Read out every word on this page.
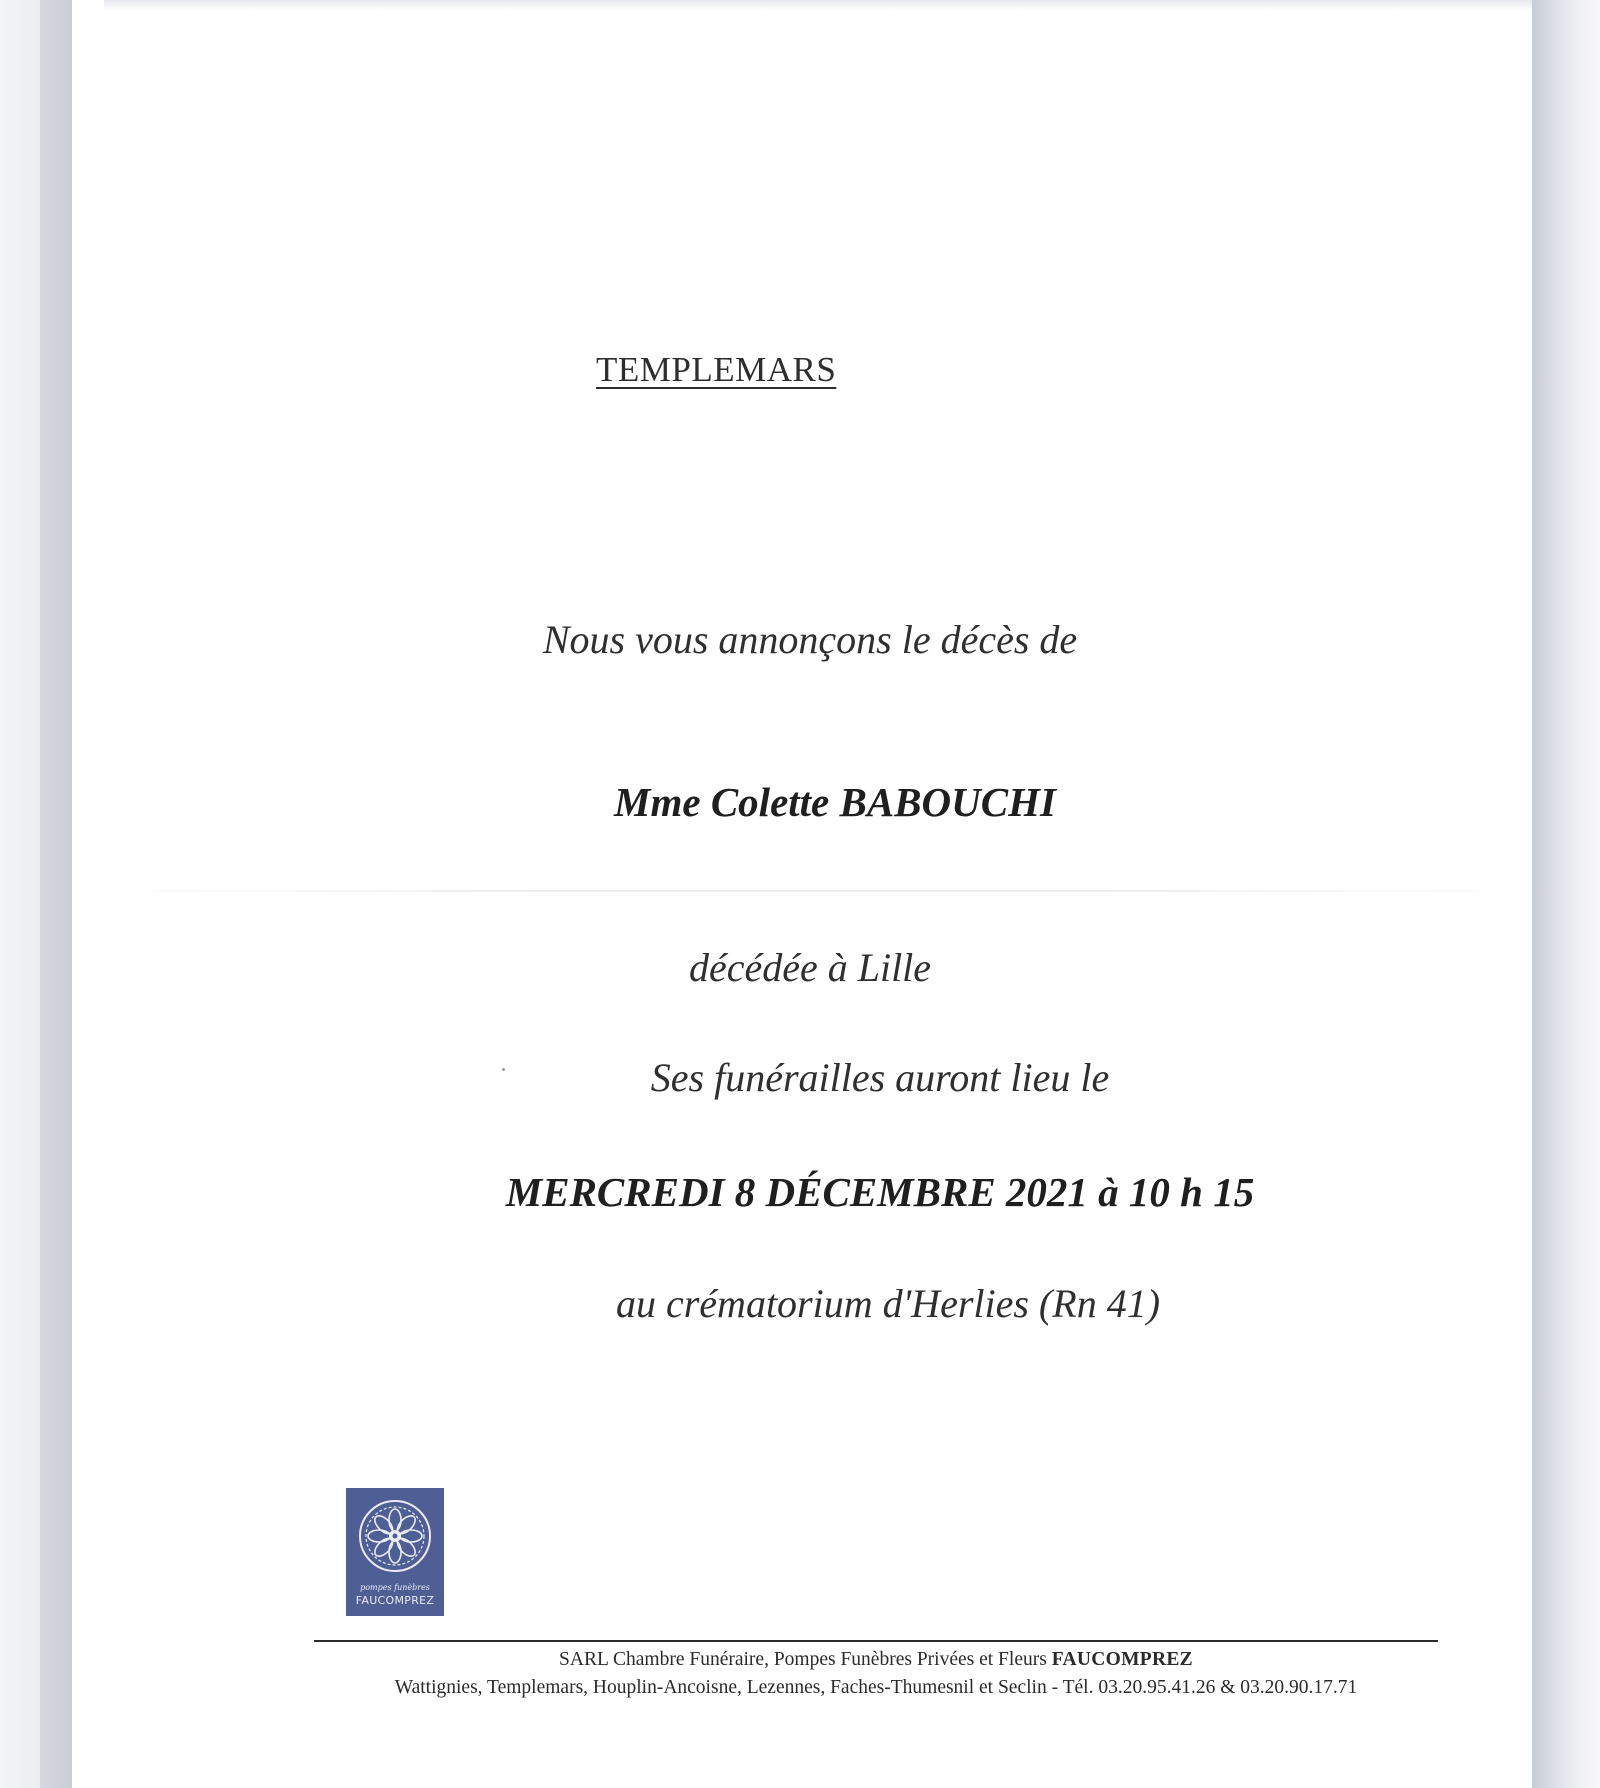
TEMPLEMARS

Nous vous annonçons le décès de

Mme Colette BABOUCHI

décédée à Lille

Ses funérailles auront lieu le

MERCREDI 8 DÉCEMBRE 2021 à 10 h 15

au crématorium d'Herlies (Rn 41)

pompes funèbres
FAUCOMPREZ

SARL Chambre Funéraire, Pompes Funèbres Privées et Fleurs FAUCOMPREZ

Wattignies, Templemars, Houplin-Ancoisne, Lezennes, Faches-Thumesnil et Seclin - Tél. 03.20.95.41.26 & 03.20.90.17.71
